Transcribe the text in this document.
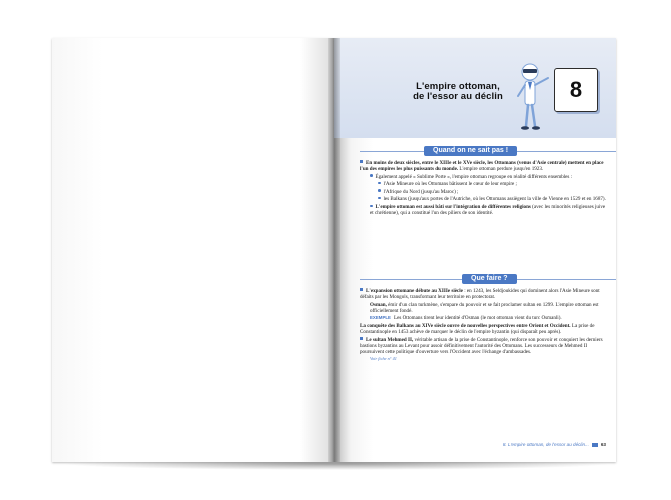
L'empire ottoman,
de l'essor au déclin	8
Quand on ne sait pas !

En moins de deux siècles, entre le XIIIe et le XVe siècle, les Ottomans (venus d'Asie centrale) mettent en place l'un des empires les plus puissants du monde. L'empire ottoman perdure jusqu'en 1923.

Également appelé « Sublime Porte », l'empire ottoman regroupe en réalité différents ensembles :

l'Asie Mineure où les Ottomans bâtissent le cœur de leur empire ;

l'Afrique du Nord (jusqu'au Maroc) ;

les Balkans (jusqu'aux portes de l'Autriche, où les Ottomans assiègent la ville de Vienne en 1529 et en 1687).

L'empire ottoman est aussi bâti sur l'intégration de différentes religions (avec les minorités religieuses juive et chrétienne), qui a constitué l'un des piliers de son identité.

Que faire ?

L'expansion ottomane débute au XIIIe siècle : en 1243, les Seldjoukides qui dominent alors l'Asie Mineure sont défaits par les Mongols, transformant leur territoire en protectorat.

Osman, émir d'un clan turkmène, s'empare du pouvoir et se fait proclamer sultan en 1299. L'empire ottoman est officiellement fondé.

EXEMPLE Les Ottomans tirent leur identité d'Osman (le mot ottoman vient du turc Osmanli).

La conquête des Balkans au XIVe siècle ouvre de nouvelles perspectives entre Orient et Occident. La prise de Constantinople en 1453 achève de marquer le déclin de l'empire byzantin (qui disparaît peu après).

Le sultan Mehmed II, véritable artisan de la prise de Constantinople, renforce son pouvoir et conquiert les derniers bastions byzantins au Levant pour assoir définitivement l'autorité des Ottomans. Les successeurs de Mehmed II poursuivent cette politique d'ouverture vers l'Occident avec l'échange d'ambassades.

Voir fiche n° 41

8. L'empire ottoman, de l'essor au déclin...	63
